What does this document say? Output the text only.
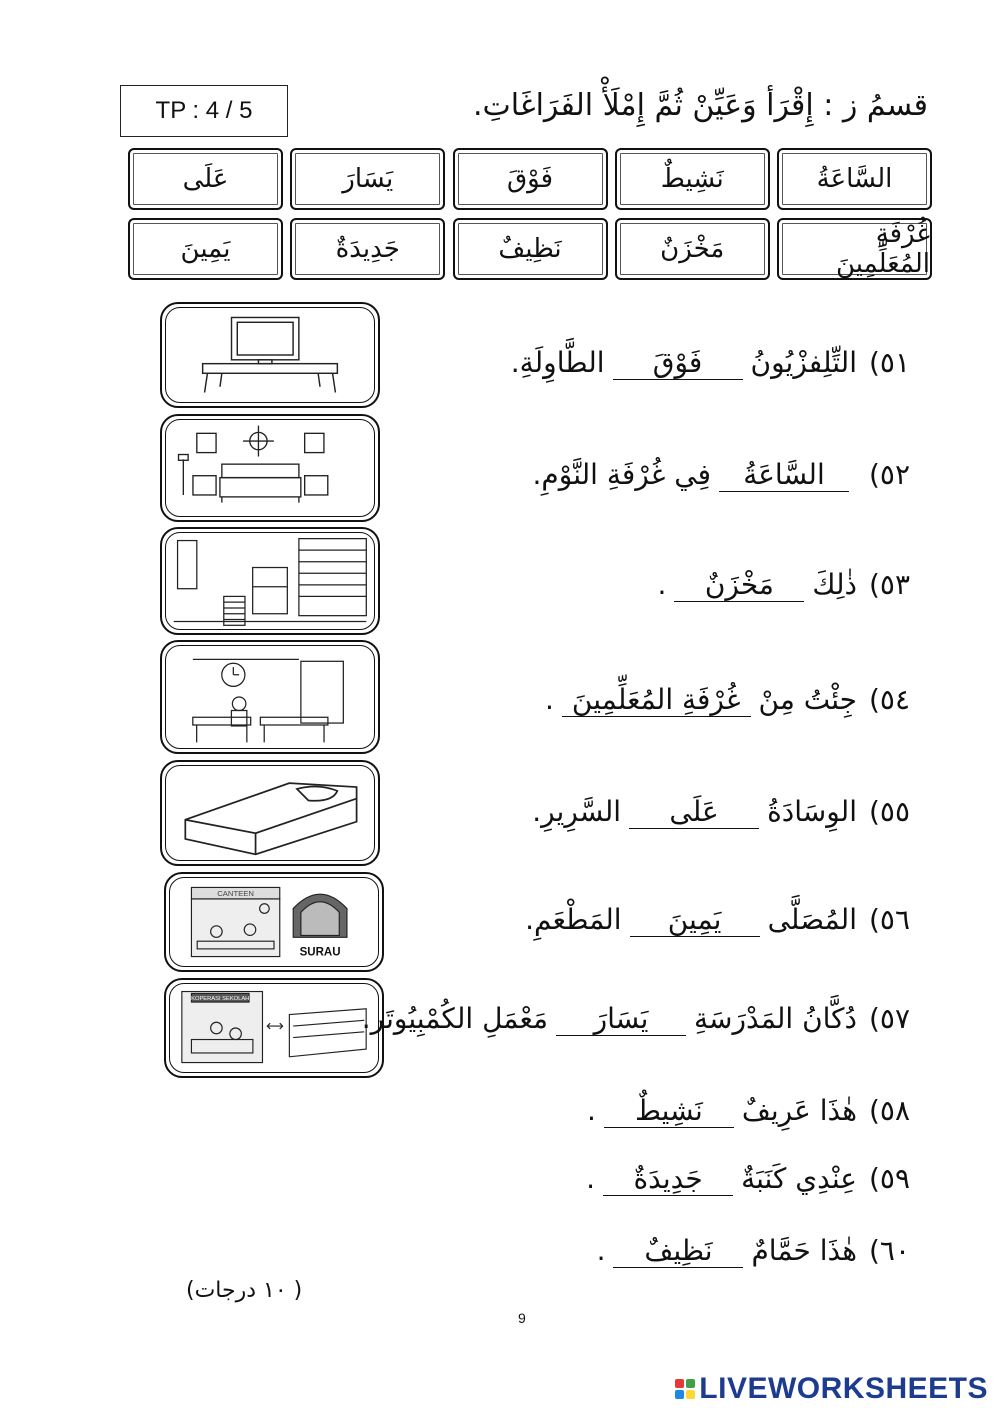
TP : 4 / 5	قسمُ ز : إِقْرَأ وَعَيِّنْ ثُمَّ إِمْلَأْ الفَرَاغَاتِ.
السَّاعَةُ
نَشِيطٌ
فَوْقَ
يَسَارَ
عَلَى
غُرْفَةِ المُعَلِّمِينَ
مَخْزَنٌ
نَظِيفٌ
جَدِيدَةٌ
يَمِينَ
CANTEEN
SURAU
KOPERASI SEKOLAH
٥١)
التِّلِفزْيُونُ
فَوْقَ
الطَّاوِلَةِ.
٥٢)
السَّاعَةُ
فِي غُرْفَةِ النَّوْمِ.
٥٣)
ذٰلِكَ
مَخْزَنٌ
.
٥٤)
جِئْتُ مِنْ
غُرْفَةِ المُعَلِّمِينَ
.
٥٥)
الوِسَادَةُ
عَلَى
السَّرِيرِ.
٥٦)
المُصَلَّى
يَمِينَ
المَطْعَمِ.
٥٧)
دُكَّانُ المَدْرَسَةِ
يَسَارَ
مَعْمَلِ الكُمْبِيُوتَر.
٥٨)
هٰذَا عَرِيفٌ
نَشِيطٌ
.
٥٩)
عِنْدِي كَنَبَةٌ
جَدِيدَةٌ
.
٦٠)
هٰذَا حَمَّامٌ
نَظِيفٌ
.
( ١٠ درجات)
9
LIVEWORKSHEETS
